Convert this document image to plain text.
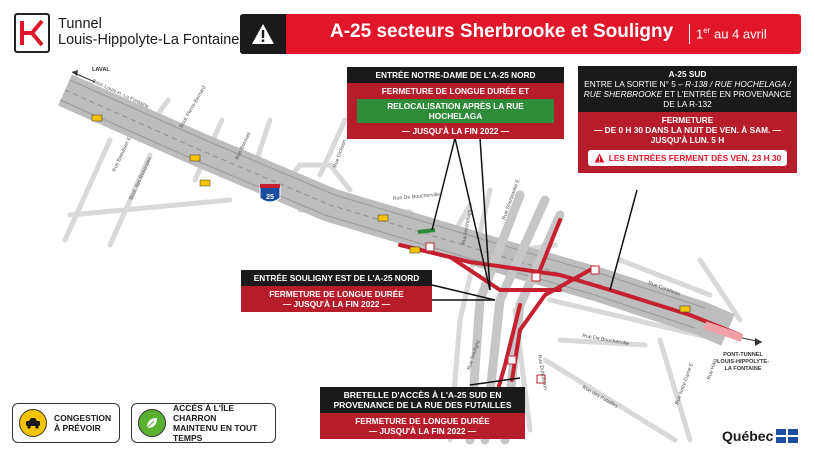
25
Boul. Louis-H.-La Fontaine	Boul. Pierre-Bernard
Rue Bossuet
Rue Beaubien E.
Boul. des Roseraies
Rue Dickson
Rue Hochelaga
Rue De Boucherville	Rue Sherbrooke E.
Rue Souligny
Rue Curatteau
Rue De Boucherville
Rue des Futailles	Rue Notre-Dame E.
Rue Dubuisson	Rue Haig
Tunnel
Louis-Hippolyte-La Fontaine	A-25 secteurs Sherbrooke et Souligny 1er au 4 avril
LAVAL	ENTRÉE NOTRE-DAME DE L'A-25 NORD
FERMETURE DE LONGUE DURÉE ET
RELOCALISATION APRÈS LA RUE HOCHELAGA
— JUSQU'À LA FIN 2022 —
A-25 SUD
ENTRE LA SORTIE N° 5 – R-138 / RUE HOCHELAGA /
RUE SHERBROOKE ET L'ENTRÉE EN PROVENANCE
DE LA R-132
FERMETURE
— DE 0 H 30 DANS LA NUIT DE VEN. À SAM. —
JUSQU'À LUN. 5 H
LES ENTRÉES FERMENT DÈS VEN. 23 H 30
ENTRÉE SOULIGNY EST DE L'A-25 NORD
FERMETURE DE LONGUE DURÉE
— JUSQU'À LA FIN 2022 —
BRETELLE D'ACCÈS À L'A-25 SUD EN
PROVENANCE DE LA RUE DES FUTAILLES
FERMETURE DE LONGUE DURÉE
— JUSQU'À LA FIN 2022 —
PONT-TUNNEL
LOUIS-HIPPOLYTE-
LA FONTAINE
CONGESTION
À PRÉVOIR
ACCÈS À L'ÎLE CHARRON
MAINTENU EN TOUT TEMPS	Québec
